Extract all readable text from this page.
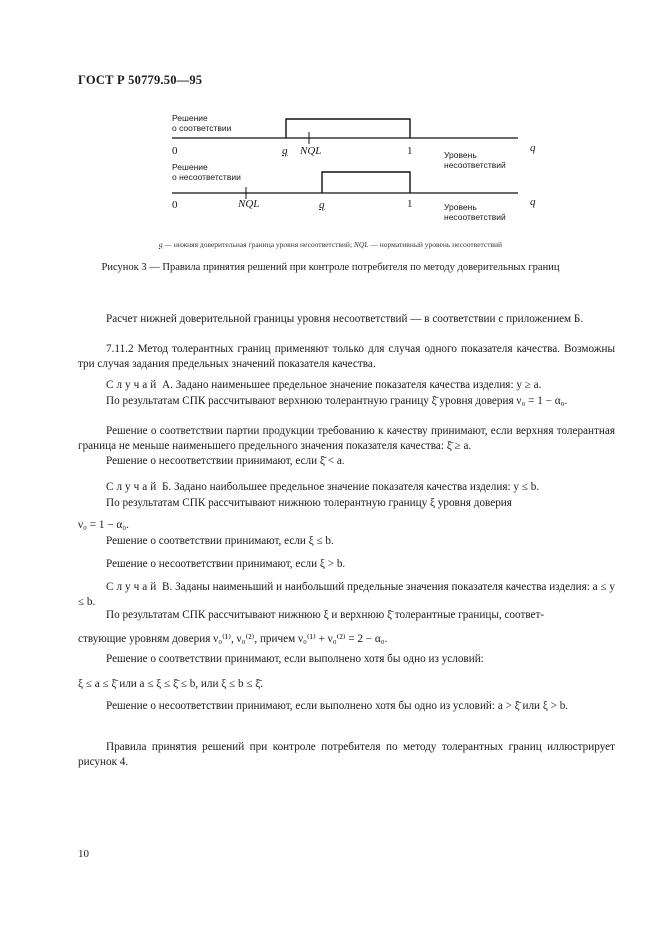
ГОСТ Р 50779.50—95
Решение
о соответствии
0	q NQL	1	Уровень
несоответствий
q
Решение
о несоответствии
0	NQL	q	1	Уровень
несоответствий
q
q — нижняя доверительная граница уровня несоответствий; NQL — нормативный уровень несоответствий
Рисунок 3 — Правила принятия решений при контроле потребителя по методу доверительных границ
Расчет нижней доверительной границы уровня несоответствий — в соответствии с приложением Б.
7.11.2 Метод толерантных границ применяют только для случая одного показателя качества. Возможны три случая задания предельных значений показателя качества.
Случай А. Задано наименьшее предельное значение показателя качества изделия: y ≥ a.
По результатам СПК рассчитывают верхнюю толерантную границу ξ̄ уровня доверия ν₀ = 1 − α₀.
Решение о соответствии партии продукции требованию к качеству принимают, если верхняя толерантная граница не меньше наименьшего предельного значения показателя качества: ξ̄ ≥ a.
Решение о несоответствии принимают, если ξ̄ < a.
Случай Б. Задано наибольшее предельное значение показателя качества изделия: y ≤ b.
По результатам СПК рассчитывают нижнюю толерантную границу ξ уровня доверия
ν₀ = 1 − α₀.
Решение о соответствии принимают, если ξ ≤ b.
Решение о несоответствии принимают, если ξ > b.
Случай В. Заданы наименьший и наибольший предельные значения показателя качества изделия: a ≤ y ≤ b.
По результатам СПК рассчитывают нижнюю ξ и верхнюю ξ̄ толерантные границы, соответ-
ствующие уровням доверия ν₀⁽¹⁾, ν₀⁽²⁾, причем ν₀⁽¹⁾ + ν₀⁽²⁾ = 2 − α₀.
Решение о соответствии принимают, если выполнено хотя бы одно из условий:
ξ ≤ a ≤ ξ̄ или a ≤ ξ ≤ ξ̄ ≤ b, или ξ ≤ b ≤ ξ̄.
Решение о несоответствии принимают, если выполнено хотя бы одно из условий: a > ξ̄ или ξ > b.
Правила принятия решений при контроле потребителя по методу толерантных границ иллюстрирует рисунок 4.
10
